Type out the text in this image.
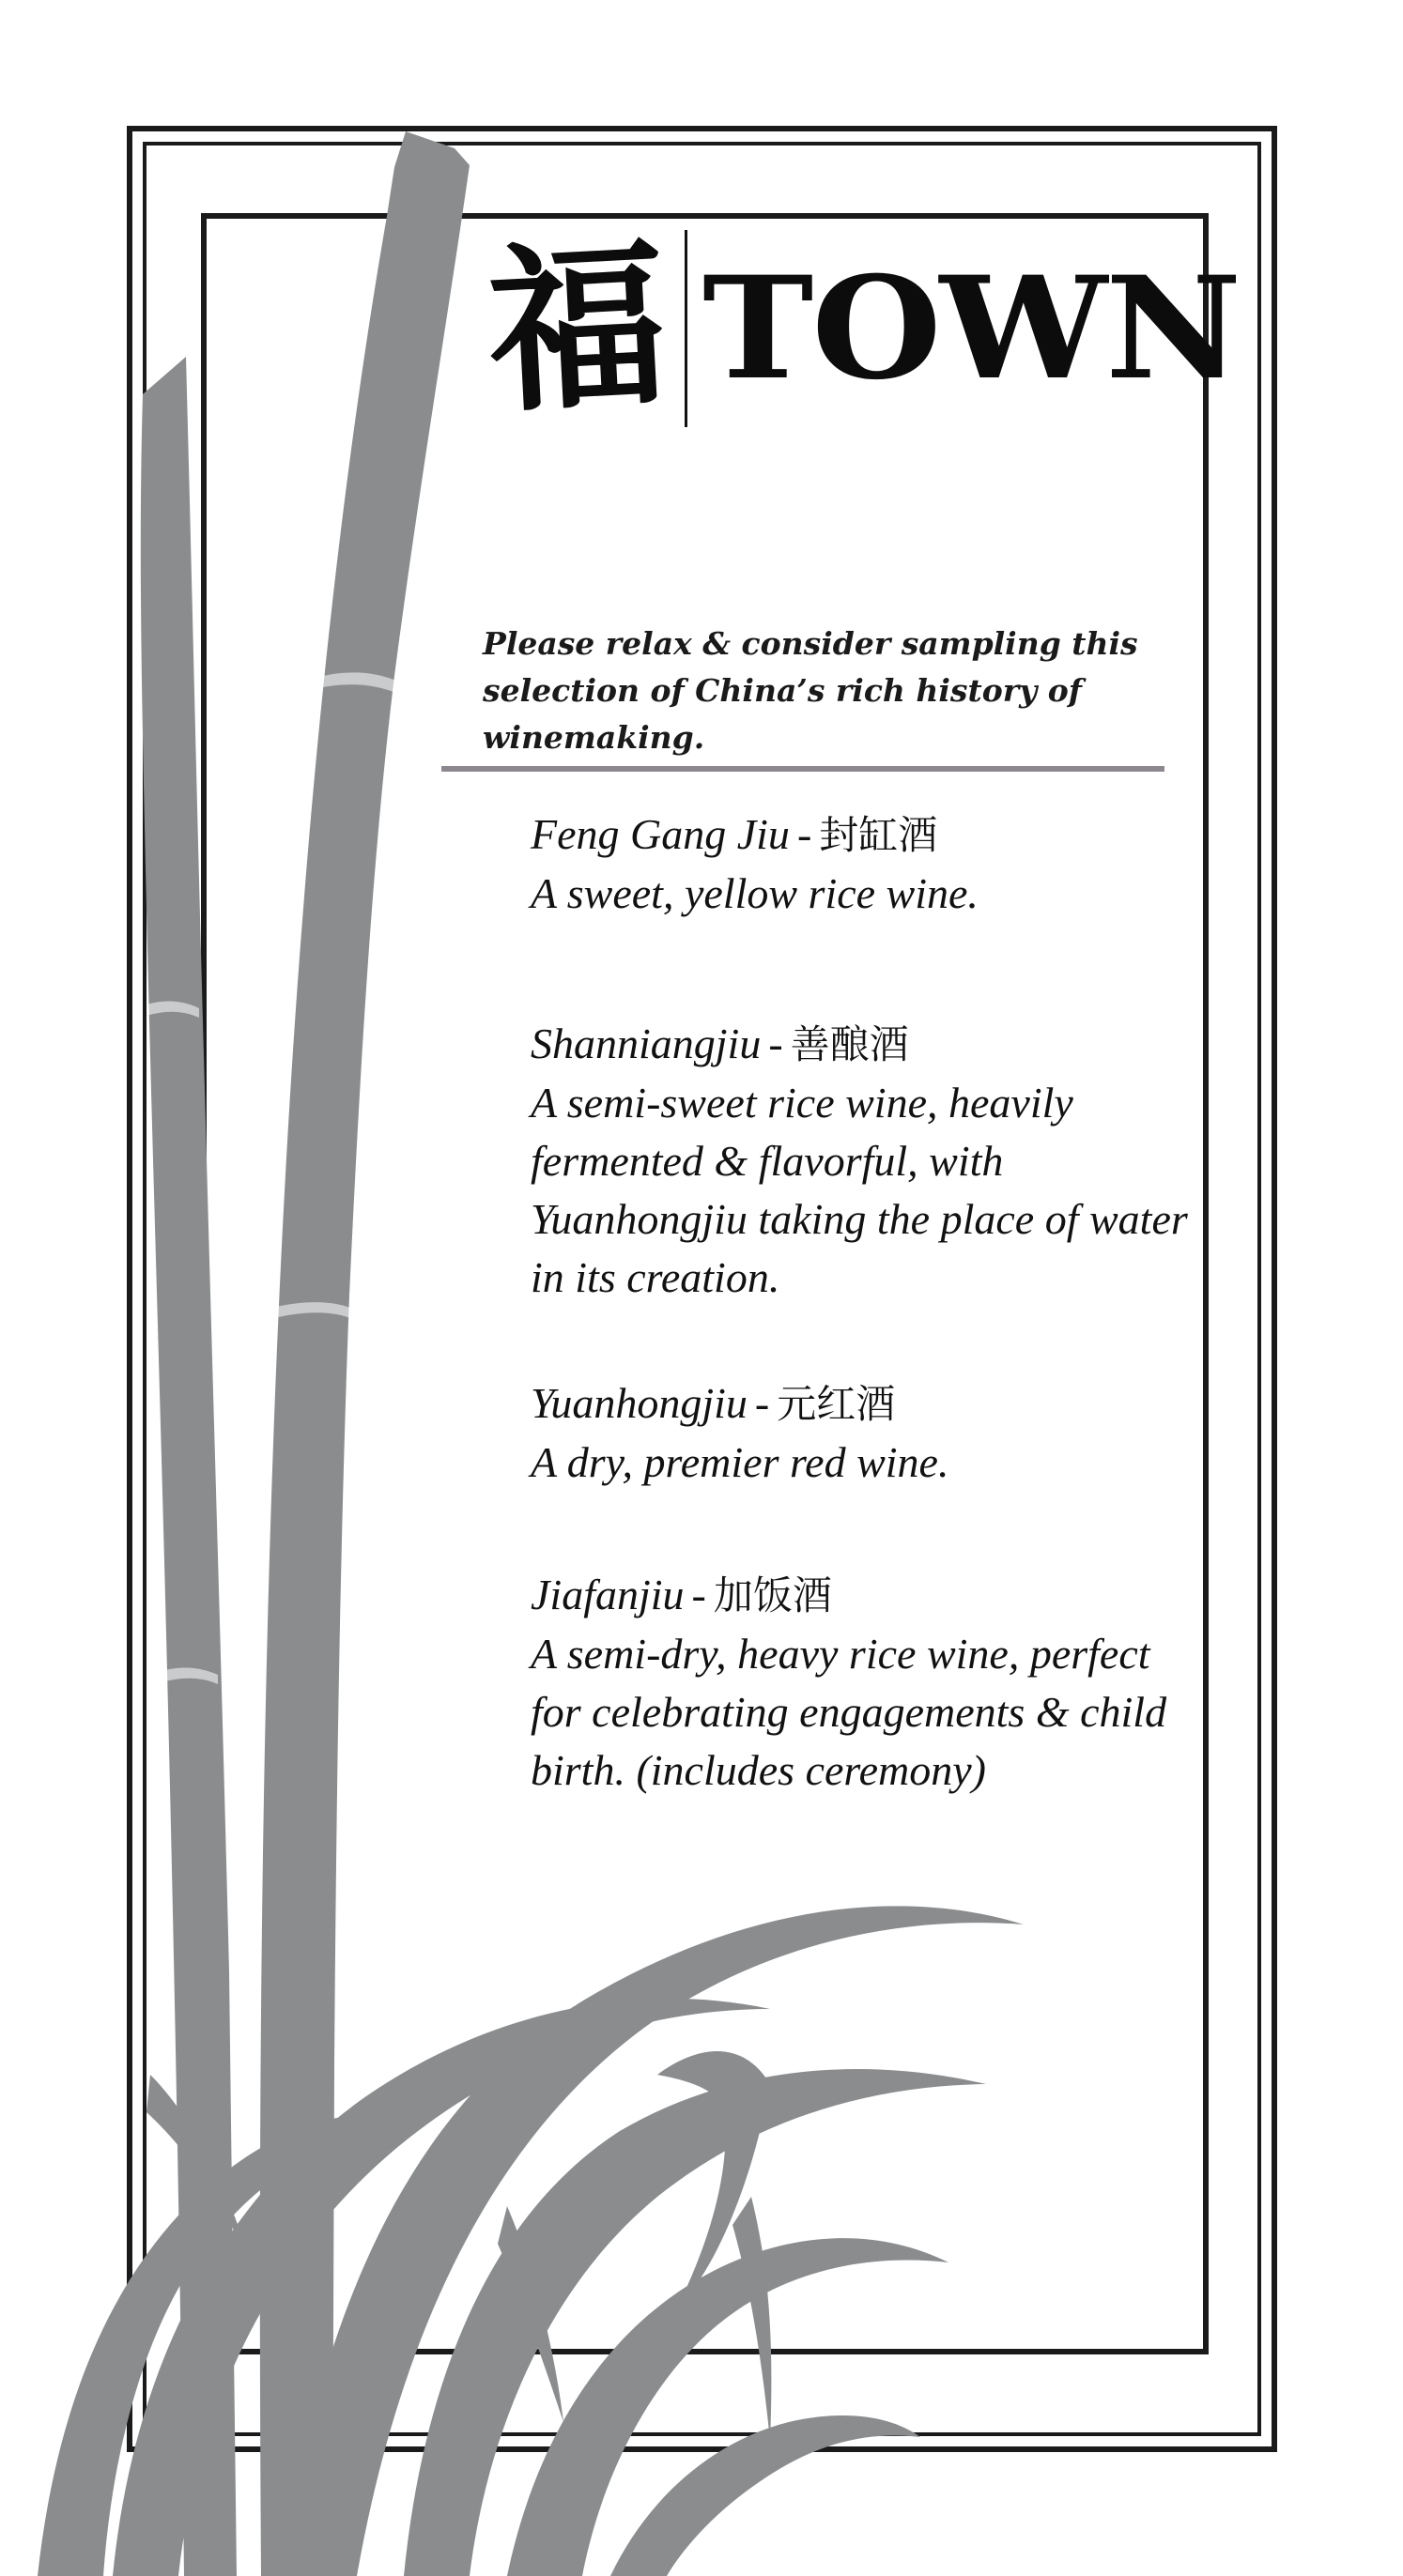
福 TOWN

Please relax & consider sampling this selection of China’s rich history of winemaking.

Feng Gang Jiu - 封缸酒

A sweet, yellow rice wine.

Shanniangjiu - 善酿酒

A semi-sweet rice wine, heavily fermented & flavorful, with Yuanhongjiu taking the place of water in its creation.

Yuanhongjiu - 元红酒

A dry, premier red wine.

Jiafanjiu - 加饭酒

A semi-dry, heavy rice wine, perfect for celebrating engagements & child birth. (includes ceremony)
